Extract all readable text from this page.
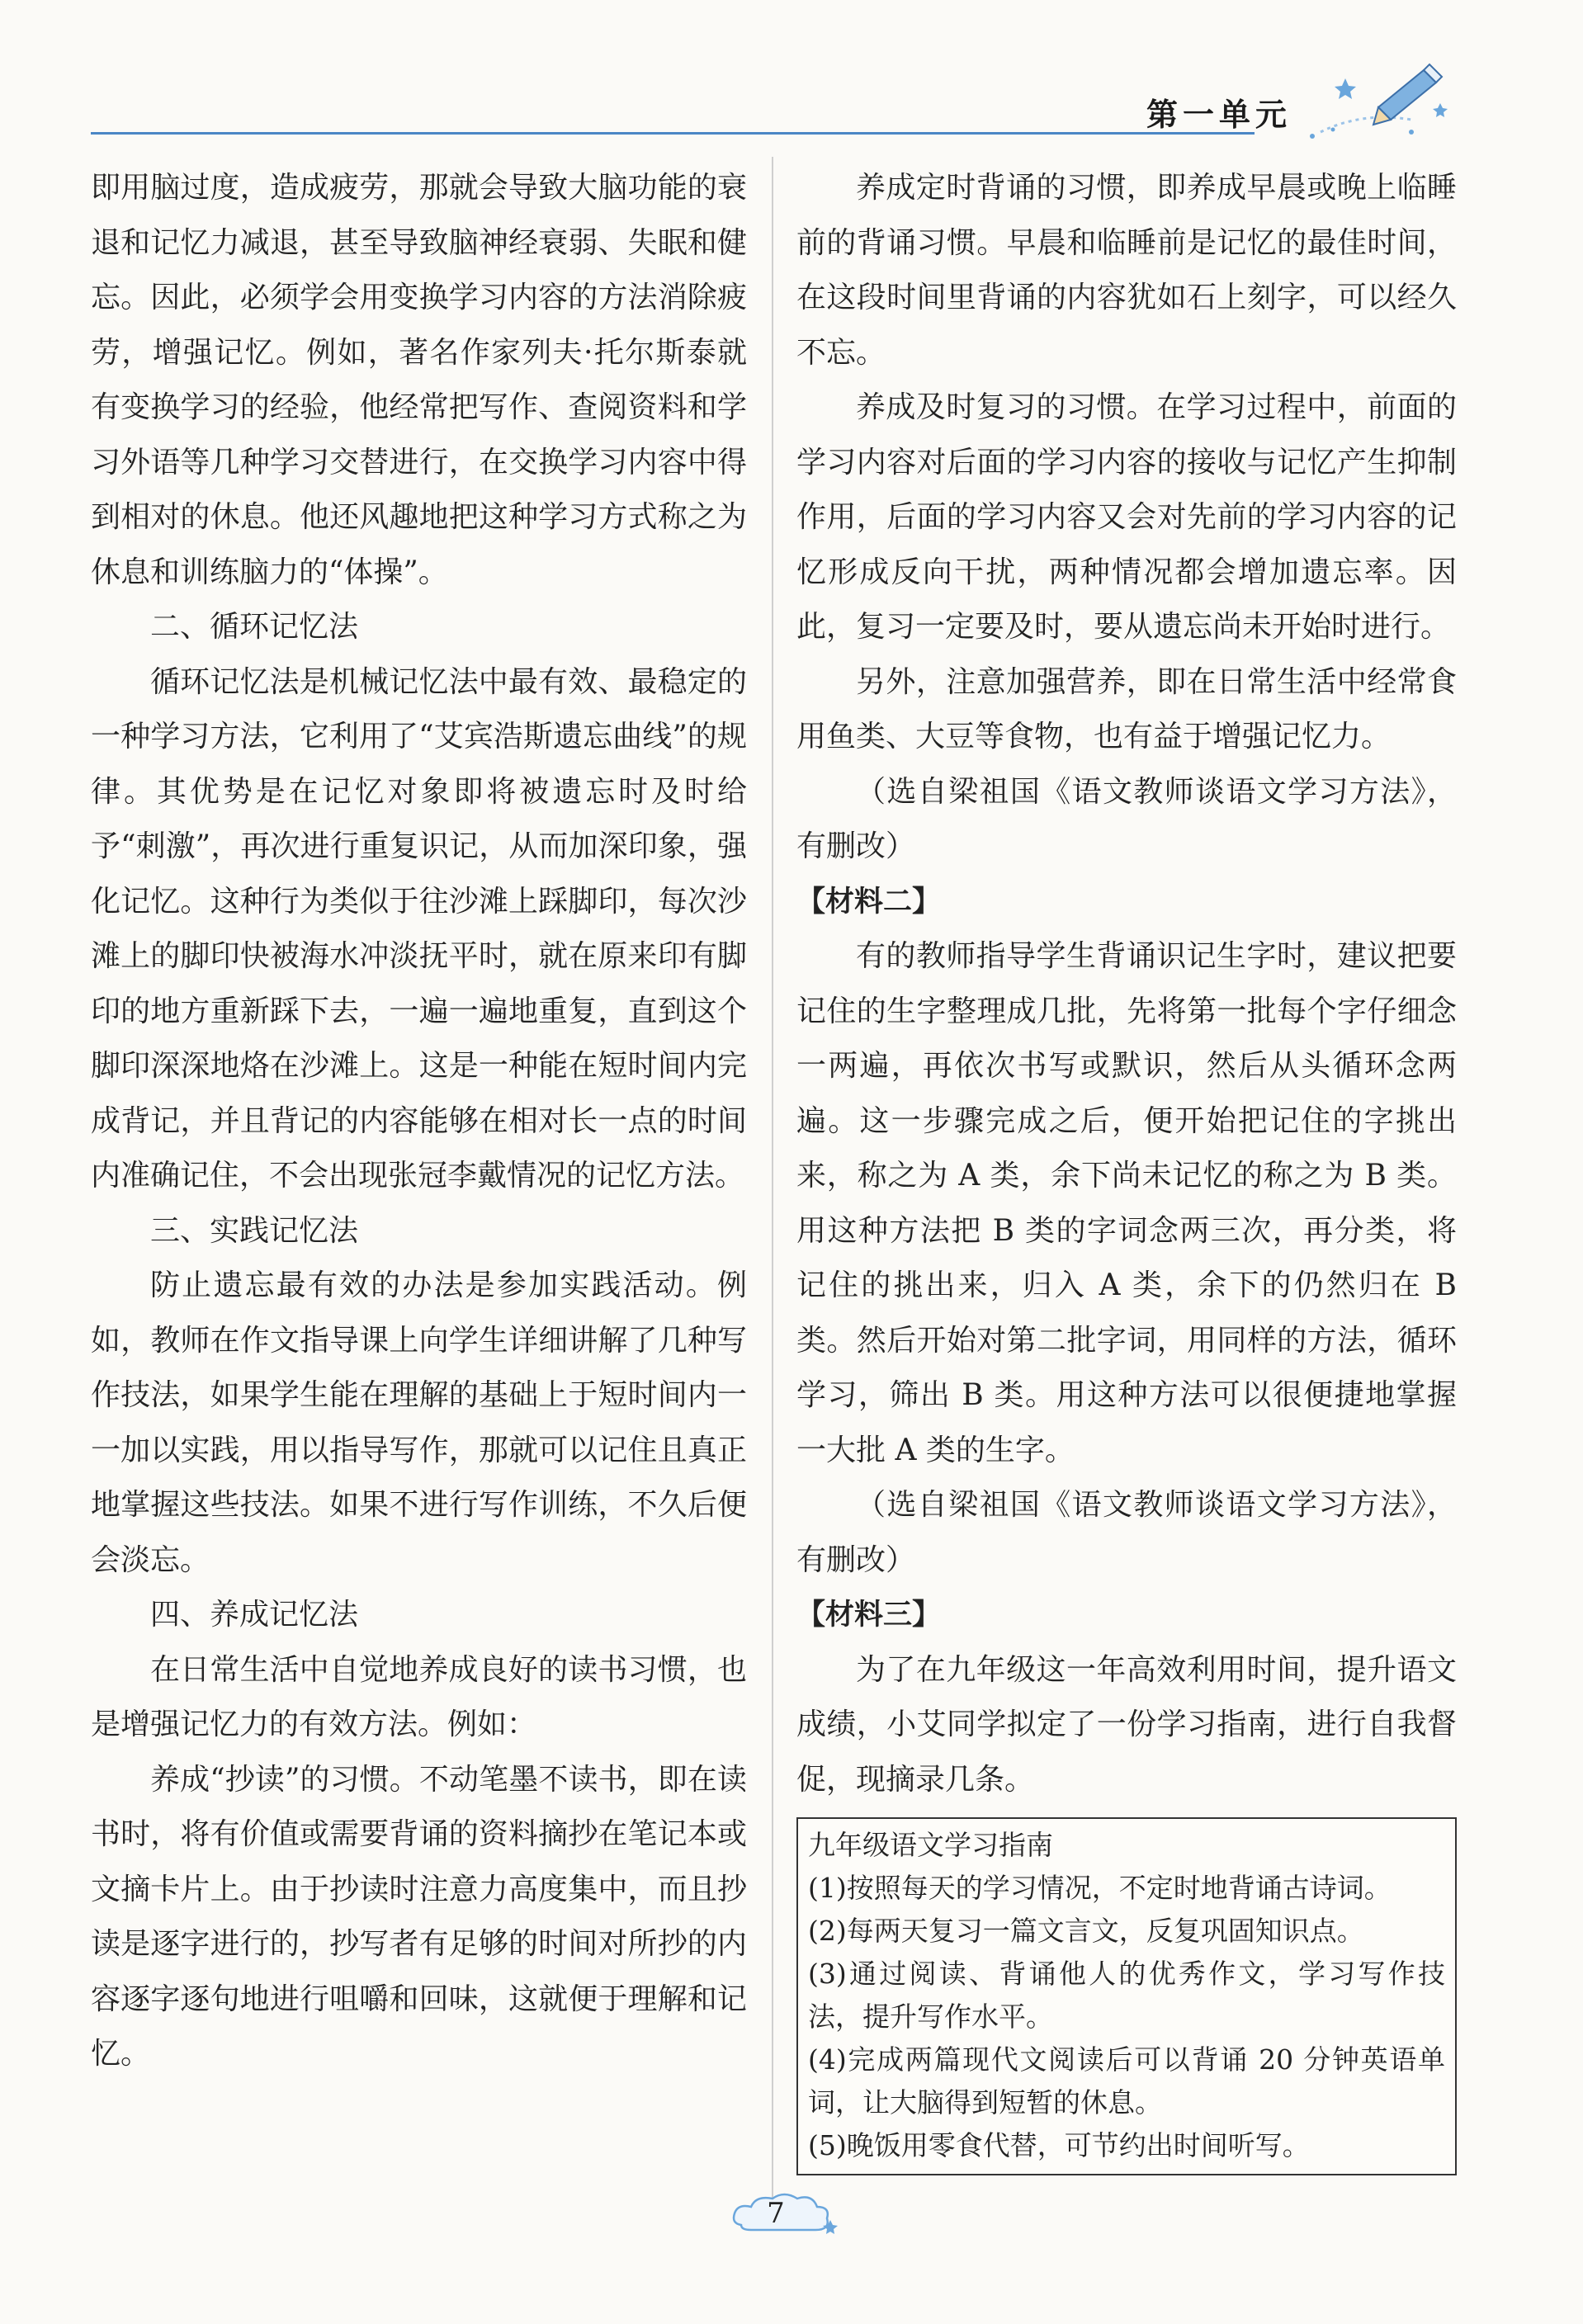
第一单元

即用脑过度，造成疲劳，那就会导致大脑功能的衰退和记忆力减退，甚至导致脑神经衰弱、失眠和健忘。因此，必须学会用变换学习内容的方法消除疲劳，增强记忆。例如，著名作家列夫·托尔斯泰就有变换学习的经验，他经常把写作、查阅资料和学习外语等几种学习交替进行，在交换学习内容中得到相对的休息。他还风趣地把这种学习方式称之为休息和训练脑力的“体操”。

二、循环记忆法

循环记忆法是机械记忆法中最有效、最稳定的一种学习方法，它利用了“艾宾浩斯遗忘曲线”的规律。其优势是在记忆对象即将被遗忘时及时给予“刺激”，再次进行重复识记，从而加深印象，强化记忆。这种行为类似于往沙滩上踩脚印，每次沙滩上的脚印快被海水冲淡抚平时，就在原来印有脚印的地方重新踩下去，一遍一遍地重复，直到这个脚印深深地烙在沙滩上。这是一种能在短时间内完成背记，并且背记的内容能够在相对长一点的时间内准确记住，不会出现张冠李戴情况的记忆方法。

三、实践记忆法

防止遗忘最有效的办法是参加实践活动。例如，教师在作文指导课上向学生详细讲解了几种写作技法，如果学生能在理解的基础上于短时间内一一加以实践，用以指导写作，那就可以记住且真正地掌握这些技法。如果不进行写作训练，不久后便会淡忘。

四、养成记忆法

在日常生活中自觉地养成良好的读书习惯，也是增强记忆力的有效方法。例如：

养成“抄读”的习惯。不动笔墨不读书，即在读书时，将有价值或需要背诵的资料摘抄在笔记本或文摘卡片上。由于抄读时注意力高度集中，而且抄读是逐字进行的，抄写者有足够的时间对所抄的内容逐字逐句地进行咀嚼和回味，这就便于理解和记忆。

养成定时背诵的习惯，即养成早晨或晚上临睡前的背诵习惯。早晨和临睡前是记忆的最佳时间，在这段时间里背诵的内容犹如石上刻字，可以经久不忘。

养成及时复习的习惯。在学习过程中，前面的学习内容对后面的学习内容的接收与记忆产生抑制作用，后面的学习内容又会对先前的学习内容的记忆形成反向干扰，两种情况都会增加遗忘率。因此，复习一定要及时，要从遗忘尚未开始时进行。

另外，注意加强营养，即在日常生活中经常食用鱼类、大豆等食物，也有益于增强记忆力。

（选自梁祖国《语文教师谈语文学习方法》，有删改）

【材料二】

有的教师指导学生背诵识记生字时，建议把要记住的生字整理成几批，先将第一批每个字仔细念一两遍，再依次书写或默识，然后从头循环念两遍。这一步骤完成之后，便开始把记住的字挑出来，称之为 A 类，余下尚未记忆的称之为 B 类。用这种方法把 B 类的字词念两三次，再分类，将记住的挑出来，归入 A 类，余下的仍然归在 B 类。然后开始对第二批字词，用同样的方法，循环学习，筛出 B 类。用这种方法可以很便捷地掌握一大批 A 类的生字。

（选自梁祖国《语文教师谈语文学习方法》，有删改）

【材料三】

为了在九年级这一年高效利用时间，提升语文成绩，小艾同学拟定了一份学习指南，进行自我督促，现摘录几条。

九年级语文学习指南

(1)按照每天的学习情况，不定时地背诵古诗词。

(2)每两天复习一篇文言文，反复巩固知识点。

(3)通过阅读、背诵他人的优秀作文，学习写作技法，提升写作水平。

(4)完成两篇现代文阅读后可以背诵 20 分钟英语单词，让大脑得到短暂的休息。

(5)晚饭用零食代替，可节约出时间听写。

7
